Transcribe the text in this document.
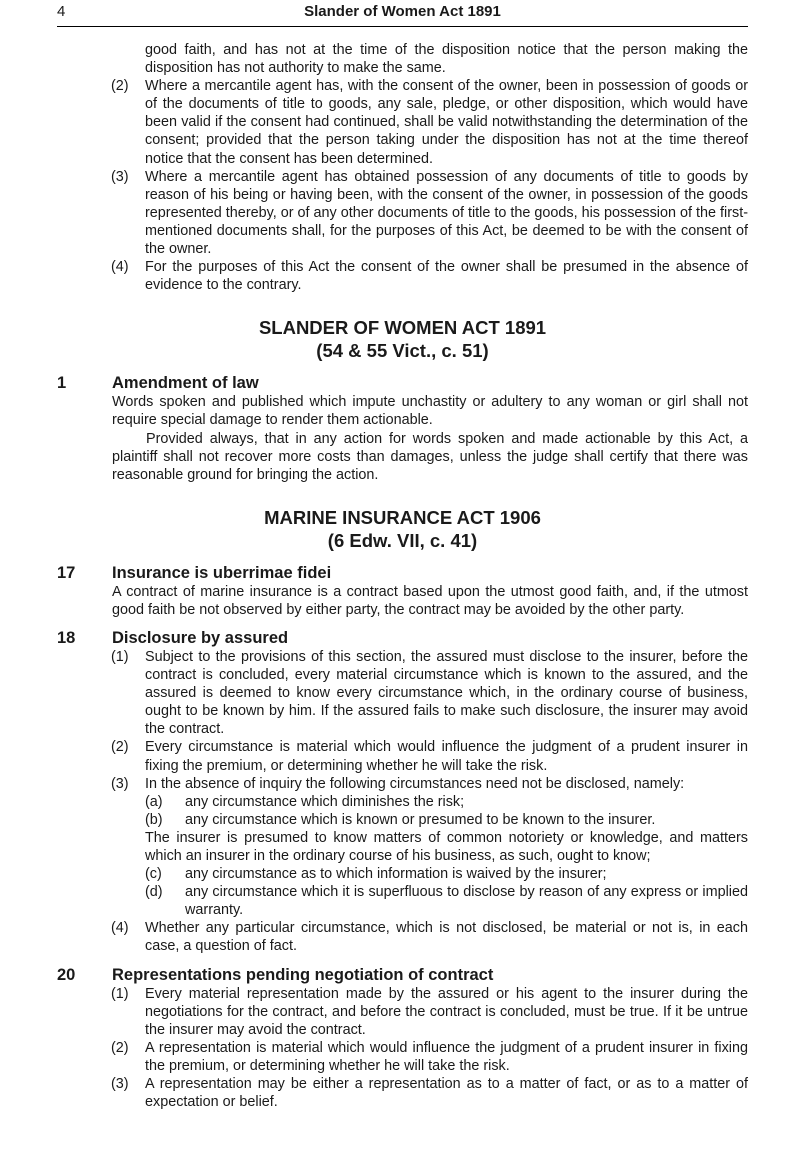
4	Slander of Women Act 1891

good faith, and has not at the time of the disposition notice that the person making the disposition has not authority to make the same.

(2) Where a mercantile agent has, with the consent of the owner, been in possession of goods or of the documents of title to goods, any sale, pledge, or other disposition, which would have been valid if the consent had continued, shall be valid notwithstanding the determination of the consent; provided that the person taking under the disposition has not at the time thereof notice that the consent has been determined.

(3) Where a mercantile agent has obtained possession of any documents of title to goods by reason of his being or having been, with the consent of the owner, in possession of the goods represented thereby, or of any other documents of title to the goods, his possession of the first-mentioned documents shall, for the purposes of this Act, be deemed to be with the consent of the owner.

(4) For the purposes of this Act the consent of the owner shall be presumed in the absence of evidence to the contrary.

SLANDER OF WOMEN ACT 1891

(54 & 55 Vict., c. 51)

1	Amendment of law

Words spoken and published which impute unchastity or adultery to any woman or girl shall not require special damage to render them actionable.

Provided always, that in any action for words spoken and made actionable by this Act, a plaintiff shall not recover more costs than damages, unless the judge shall certify that there was reasonable ground for bringing the action.

MARINE INSURANCE ACT 1906

(6 Edw. VII, c. 41)

17 Insurance is uberrimae fidei

A contract of marine insurance is a contract based upon the utmost good faith, and, if the utmost good faith be not observed by either party, the contract may be avoided by the other party.

18 Disclosure by assured

(1) Subject to the provisions of this section, the assured must disclose to the insurer, before the contract is concluded, every material circumstance which is known to the assured, and the assured is deemed to know every circumstance which, in the ordinary course of business, ought to be known by him. If the assured fails to make such disclosure, the insurer may avoid the contract.

(2) Every circumstance is material which would influence the judgment of a prudent insurer in fixing the premium, or determining whether he will take the risk.

(3) In the absence of inquiry the following circumstances need not be disclosed, namely:

(a) any circumstance which diminishes the risk;

(b) any circumstance which is known or presumed to be known to the insurer.

The insurer is presumed to know matters of common notoriety or knowledge, and matters which an insurer in the ordinary course of his business, as such, ought to know;

(c) any circumstance as to which information is waived by the insurer;

(d) any circumstance which it is superfluous to disclose by reason of any express or implied warranty.

(4) Whether any particular circumstance, which is not disclosed, be material or not is, in each case, a question of fact.

20 Representations pending negotiation of contract

(1) Every material representation made by the assured or his agent to the insurer during the negotiations for the contract, and before the contract is concluded, must be true. If it be untrue the insurer may avoid the contract.

(2) A representation is material which would influence the judgment of a prudent insurer in fixing the premium, or determining whether he will take the risk.

(3) A representation may be either a representation as to a matter of fact, or as to a matter of expectation or belief.
